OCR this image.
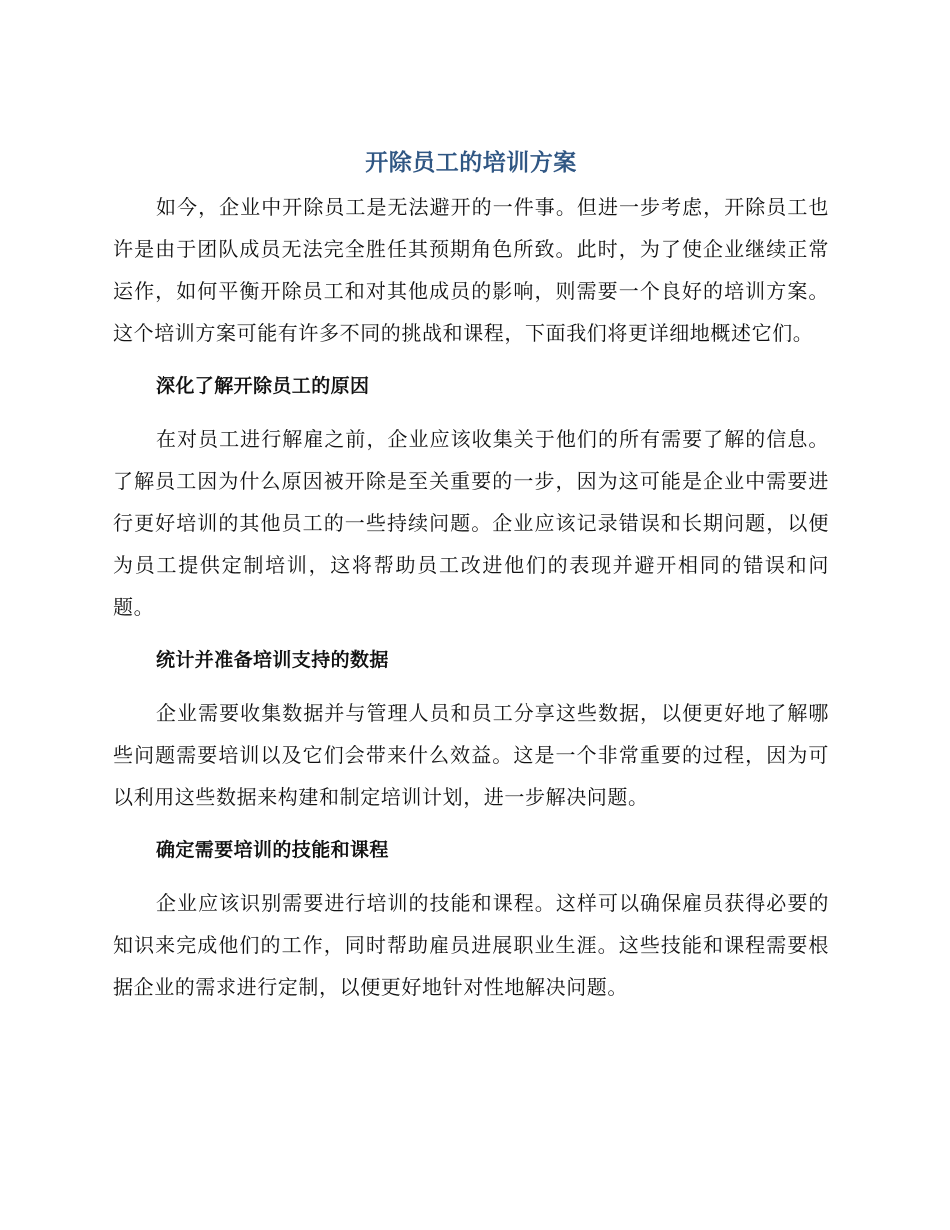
开除员工的培训方案

如今，企业中开除员工是无法避开的一件事。但进一步考虑，开除员工也许是由于团队成员无法完全胜任其预期角色所致。此时，为了使企业继续正常运作，如何平衡开除员工和对其他成员的影响，则需要一个良好的培训方案。这个培训方案可能有许多不同的挑战和课程，下面我们将更详细地概述它们。

深化了解开除员工的原因

在对员工进行解雇之前，企业应该收集关于他们的所有需要了解的信息。了解员工因为什么原因被开除是至关重要的一步，因为这可能是企业中需要进行更好培训的其他员工的一些持续问题。企业应该记录错误和长期问题，以便为员工提供定制培训，这将帮助员工改进他们的表现并避开相同的错误和问题。

统计并准备培训支持的数据

企业需要收集数据并与管理人员和员工分享这些数据，以便更好地了解哪些问题需要培训以及它们会带来什么效益。这是一个非常重要的过程，因为可以利用这些数据来构建和制定培训计划，进一步解决问题。

确定需要培训的技能和课程

企业应该识别需要进行培训的技能和课程。这样可以确保雇员获得必要的知识来完成他们的工作，同时帮助雇员进展职业生涯。这些技能和课程需要根据企业的需求进行定制，以便更好地针对性地解决问题。
